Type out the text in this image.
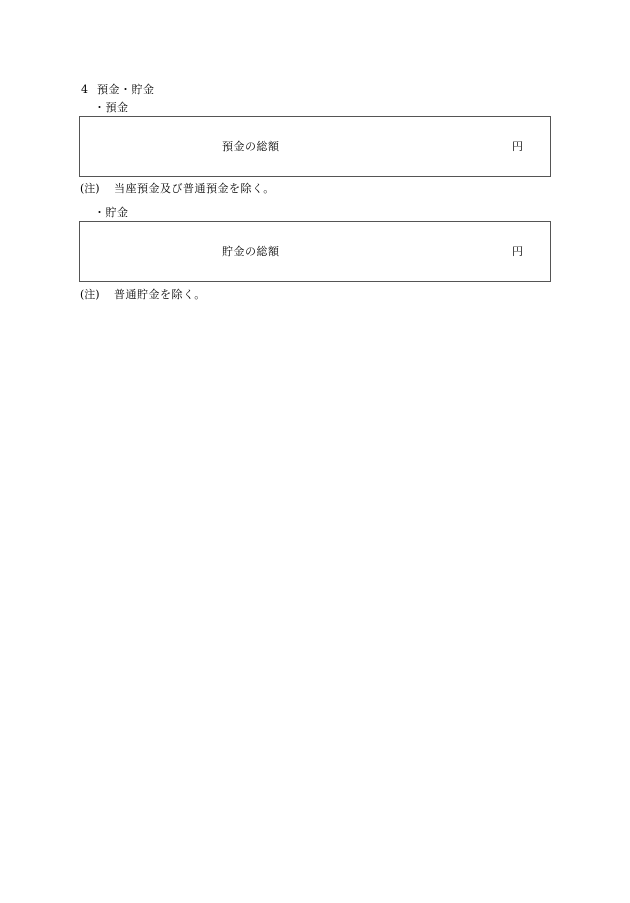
4 預金・貯金
・預金
預金の総額	円
(注) 当座預金及び普通預金を除く。
・貯金
貯金の総額	円
(注) 普通貯金を除く。
